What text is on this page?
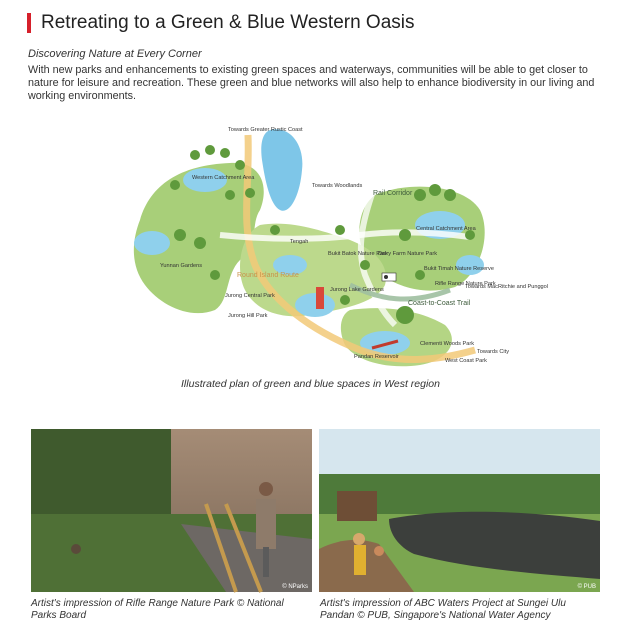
Retreating to a Green & Blue Western Oasis
Discovering Nature at Every Corner
With new parks and enhancements to existing green spaces and waterways, communities will be able to get closer to nature for leisure and recreation. These green and blue networks will also help to enhance biodiversity in our living and working environments.
Towards Greater Rustic Coast
Western Catchment Area
Towards Woodlands
Rail Corridor
Central Catchment Area
Tengah
Yunnan Gardens
Round Island Route
Bukit Batok Nature Park
Dairy Farm Nature Park
Bukit Timah Nature Reserve
Rifle Range Nature Park
Towards MacRitchie and Punggol
Jurong Central Park
Jurong Lake Gardens
Coast-to-Coast Trail
Jurong Hill Park
Clementi Woods Park
Towards City
Pandan Reservoir
West Coast Park
Illustrated plan of green and blue spaces in West region
© NParks
Artist's impression of Rifle Range Nature Park © National Parks Board
© PUB
Artist's impression of ABC Waters Project at Sungei Ulu Pandan © PUB, Singapore's National Water Agency
